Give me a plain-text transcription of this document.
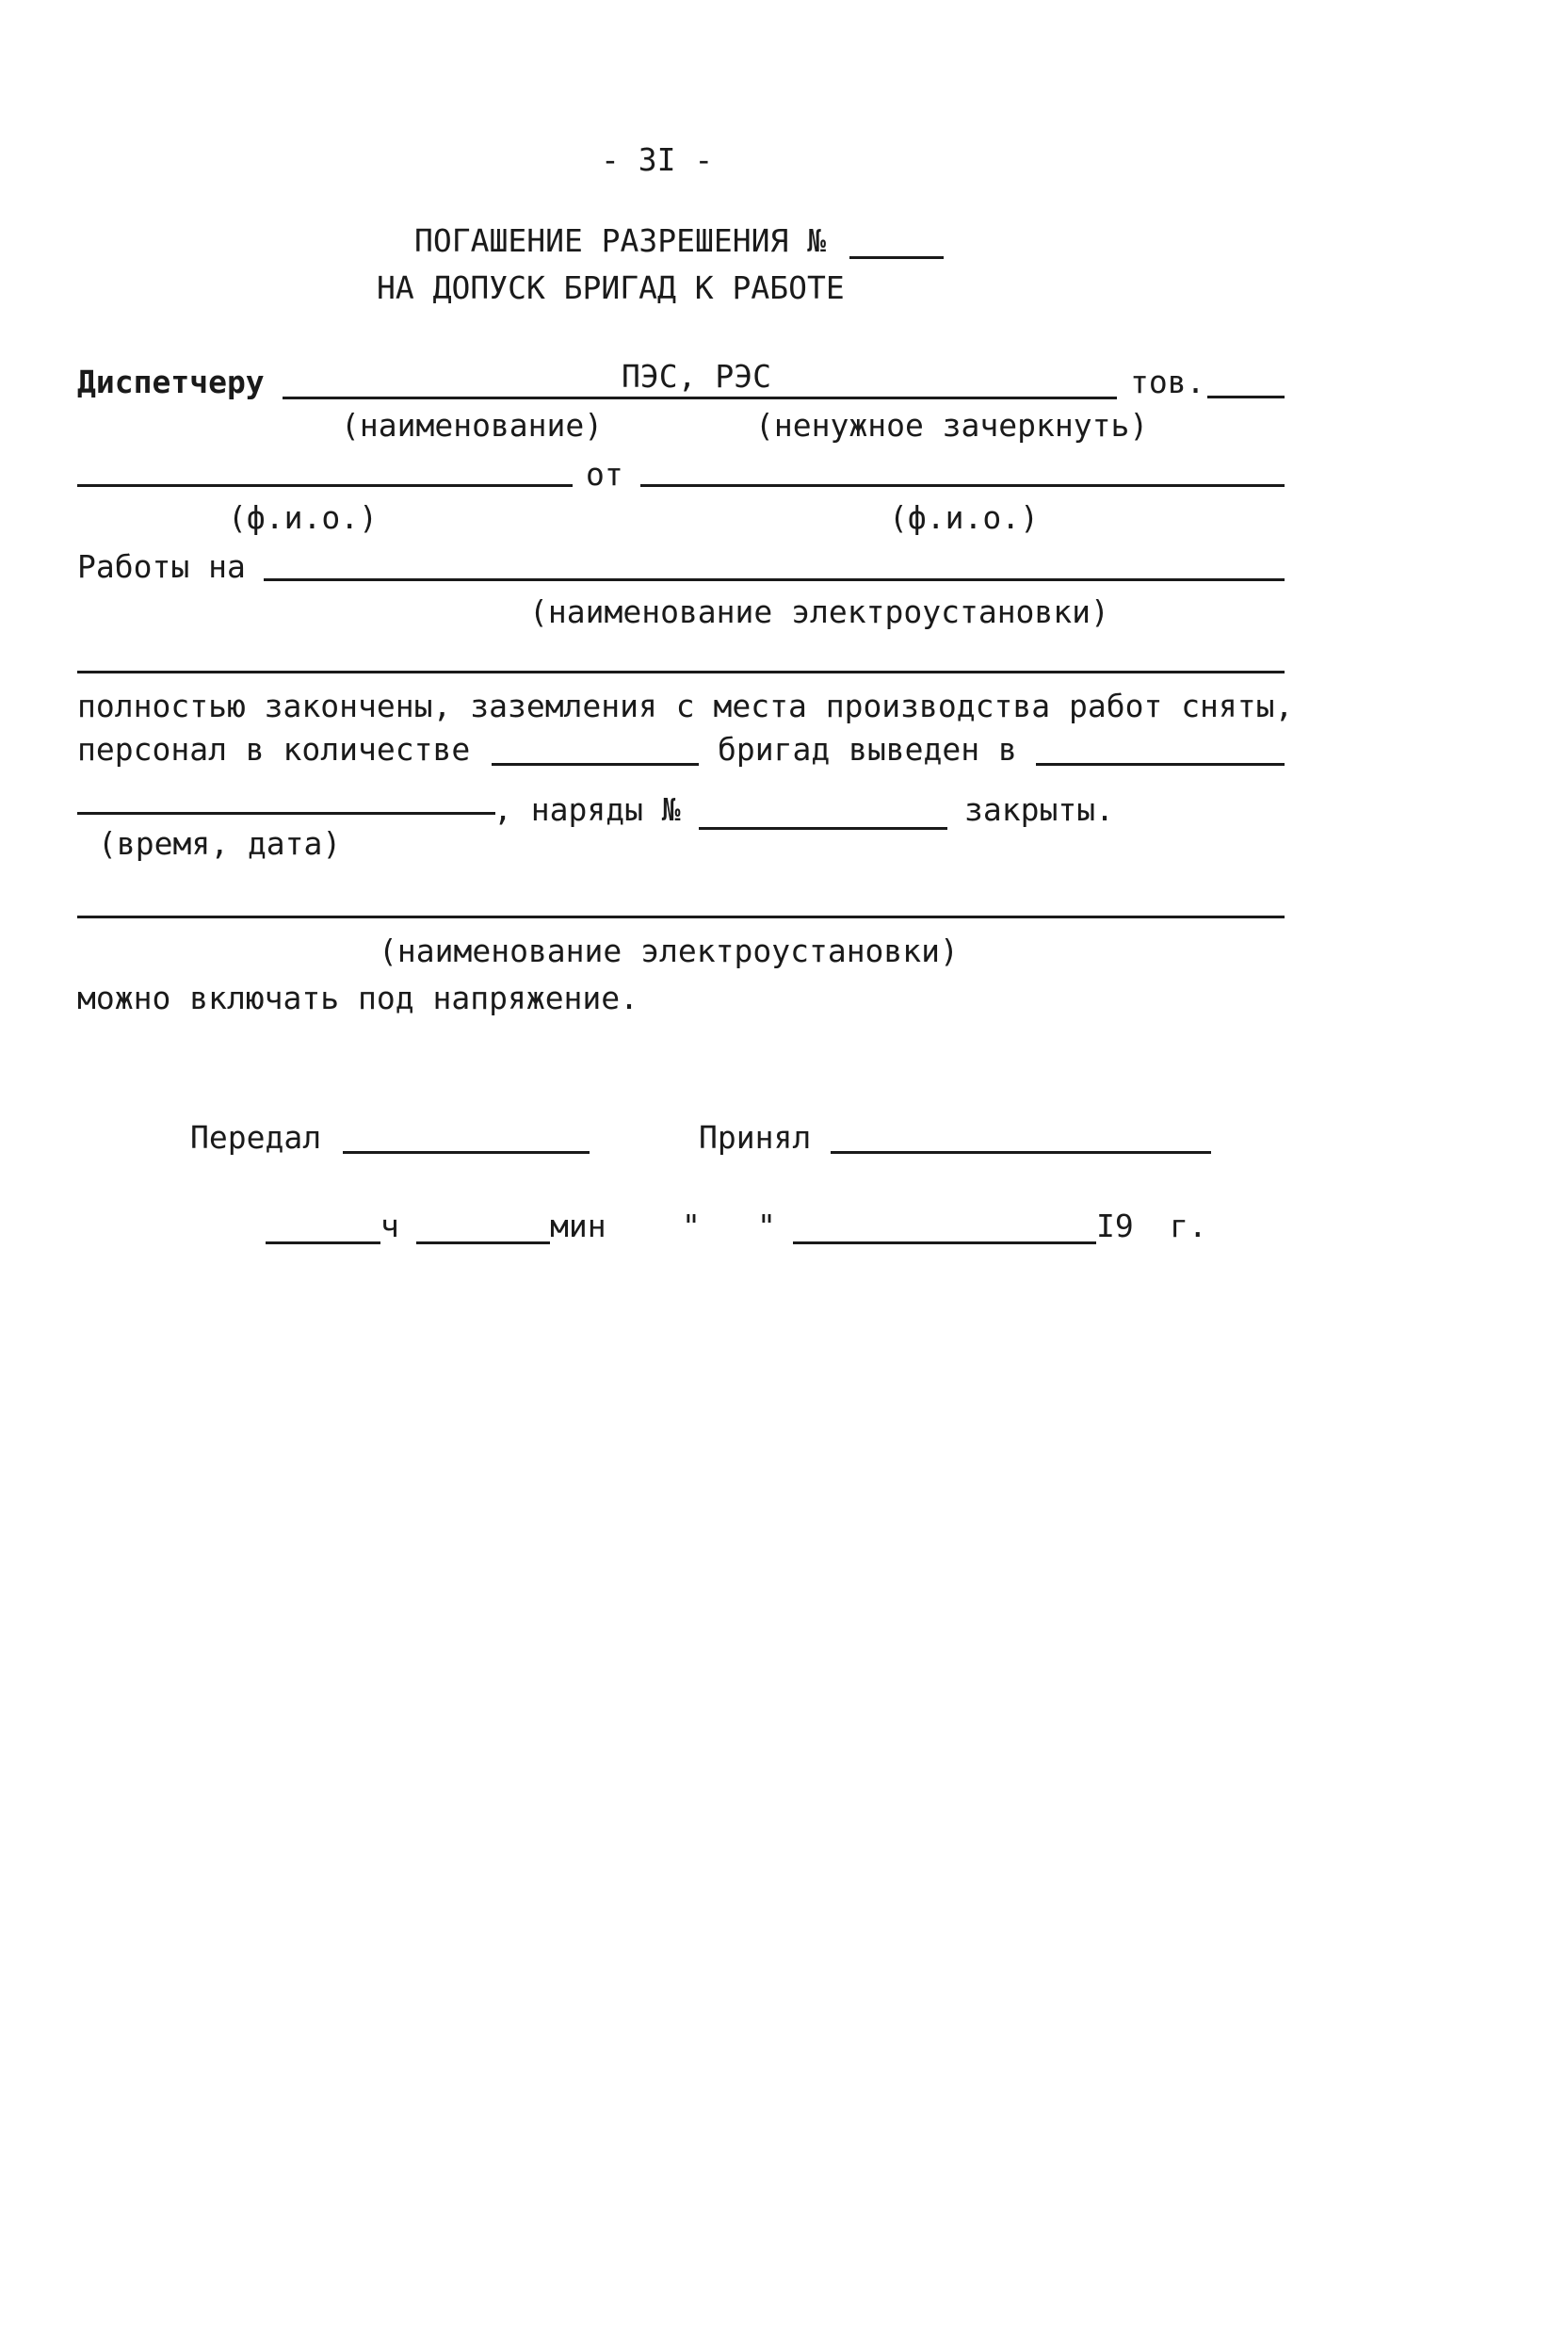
- 3I -
ПОГАШЕНИЕ РАЗРЕШЕНИЯ №
НА ДОПУСК БРИГАД К РАБОТЕ
Диспетчеру	ПЭС, РЭС	тов.
(наименование)	(ненужное зачеркнуть)
от
(ф.и.о.)	(ф.и.о.)
Работы на
(наименование электроустановки)
полностью закончены, заземления с места производства работ сняты,
персонал в количестве	бригад выведен в
, наряды №	закрыты.
(время, дата)
(наименование электроустановки)
можно включать под напряжение.
Передал	Принял
ч	мин " "	I9 г.
